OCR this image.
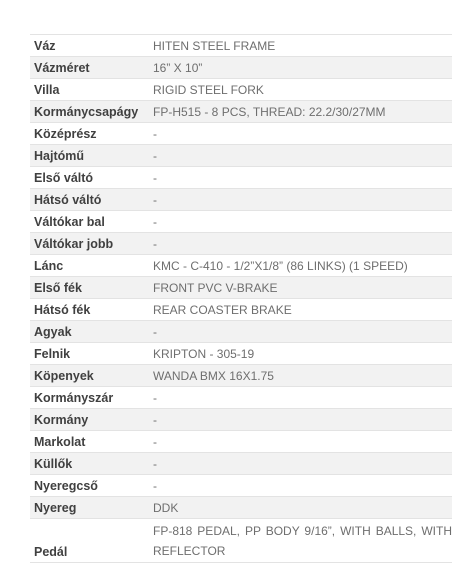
Váz	HITEN STEEL FRAME
Vázméret	16” X 10”
Villa	RIGID STEEL FORK
Kormánycsapágy	FP-H515 - 8 PCS, THREAD: 22.2/30/27MM
Középrész	-
Hajtómű	-
Első váltó	-
Hátsó váltó	-
Váltókar bal	-
Váltókar jobb	-
Lánc	KMC - C-410 - 1/2”X1/8” (86 LINKS) (1 SPEED)
Első fék	FRONT PVC V-BRAKE
Hátsó fék	REAR COASTER BRAKE
Agyak	-
Felnik	KRIPTON - 305-19
Köpenyek	WANDA BMX 16X1.75
Kormányszár	-
Kormány	-
Markolat	-
Küllők	-
Nyeregcső	-
Nyereg	DDK
Pedál	FP-818 PEDAL, PP BODY 9/16”, WITH BALLS, WITH REFLECTOR
